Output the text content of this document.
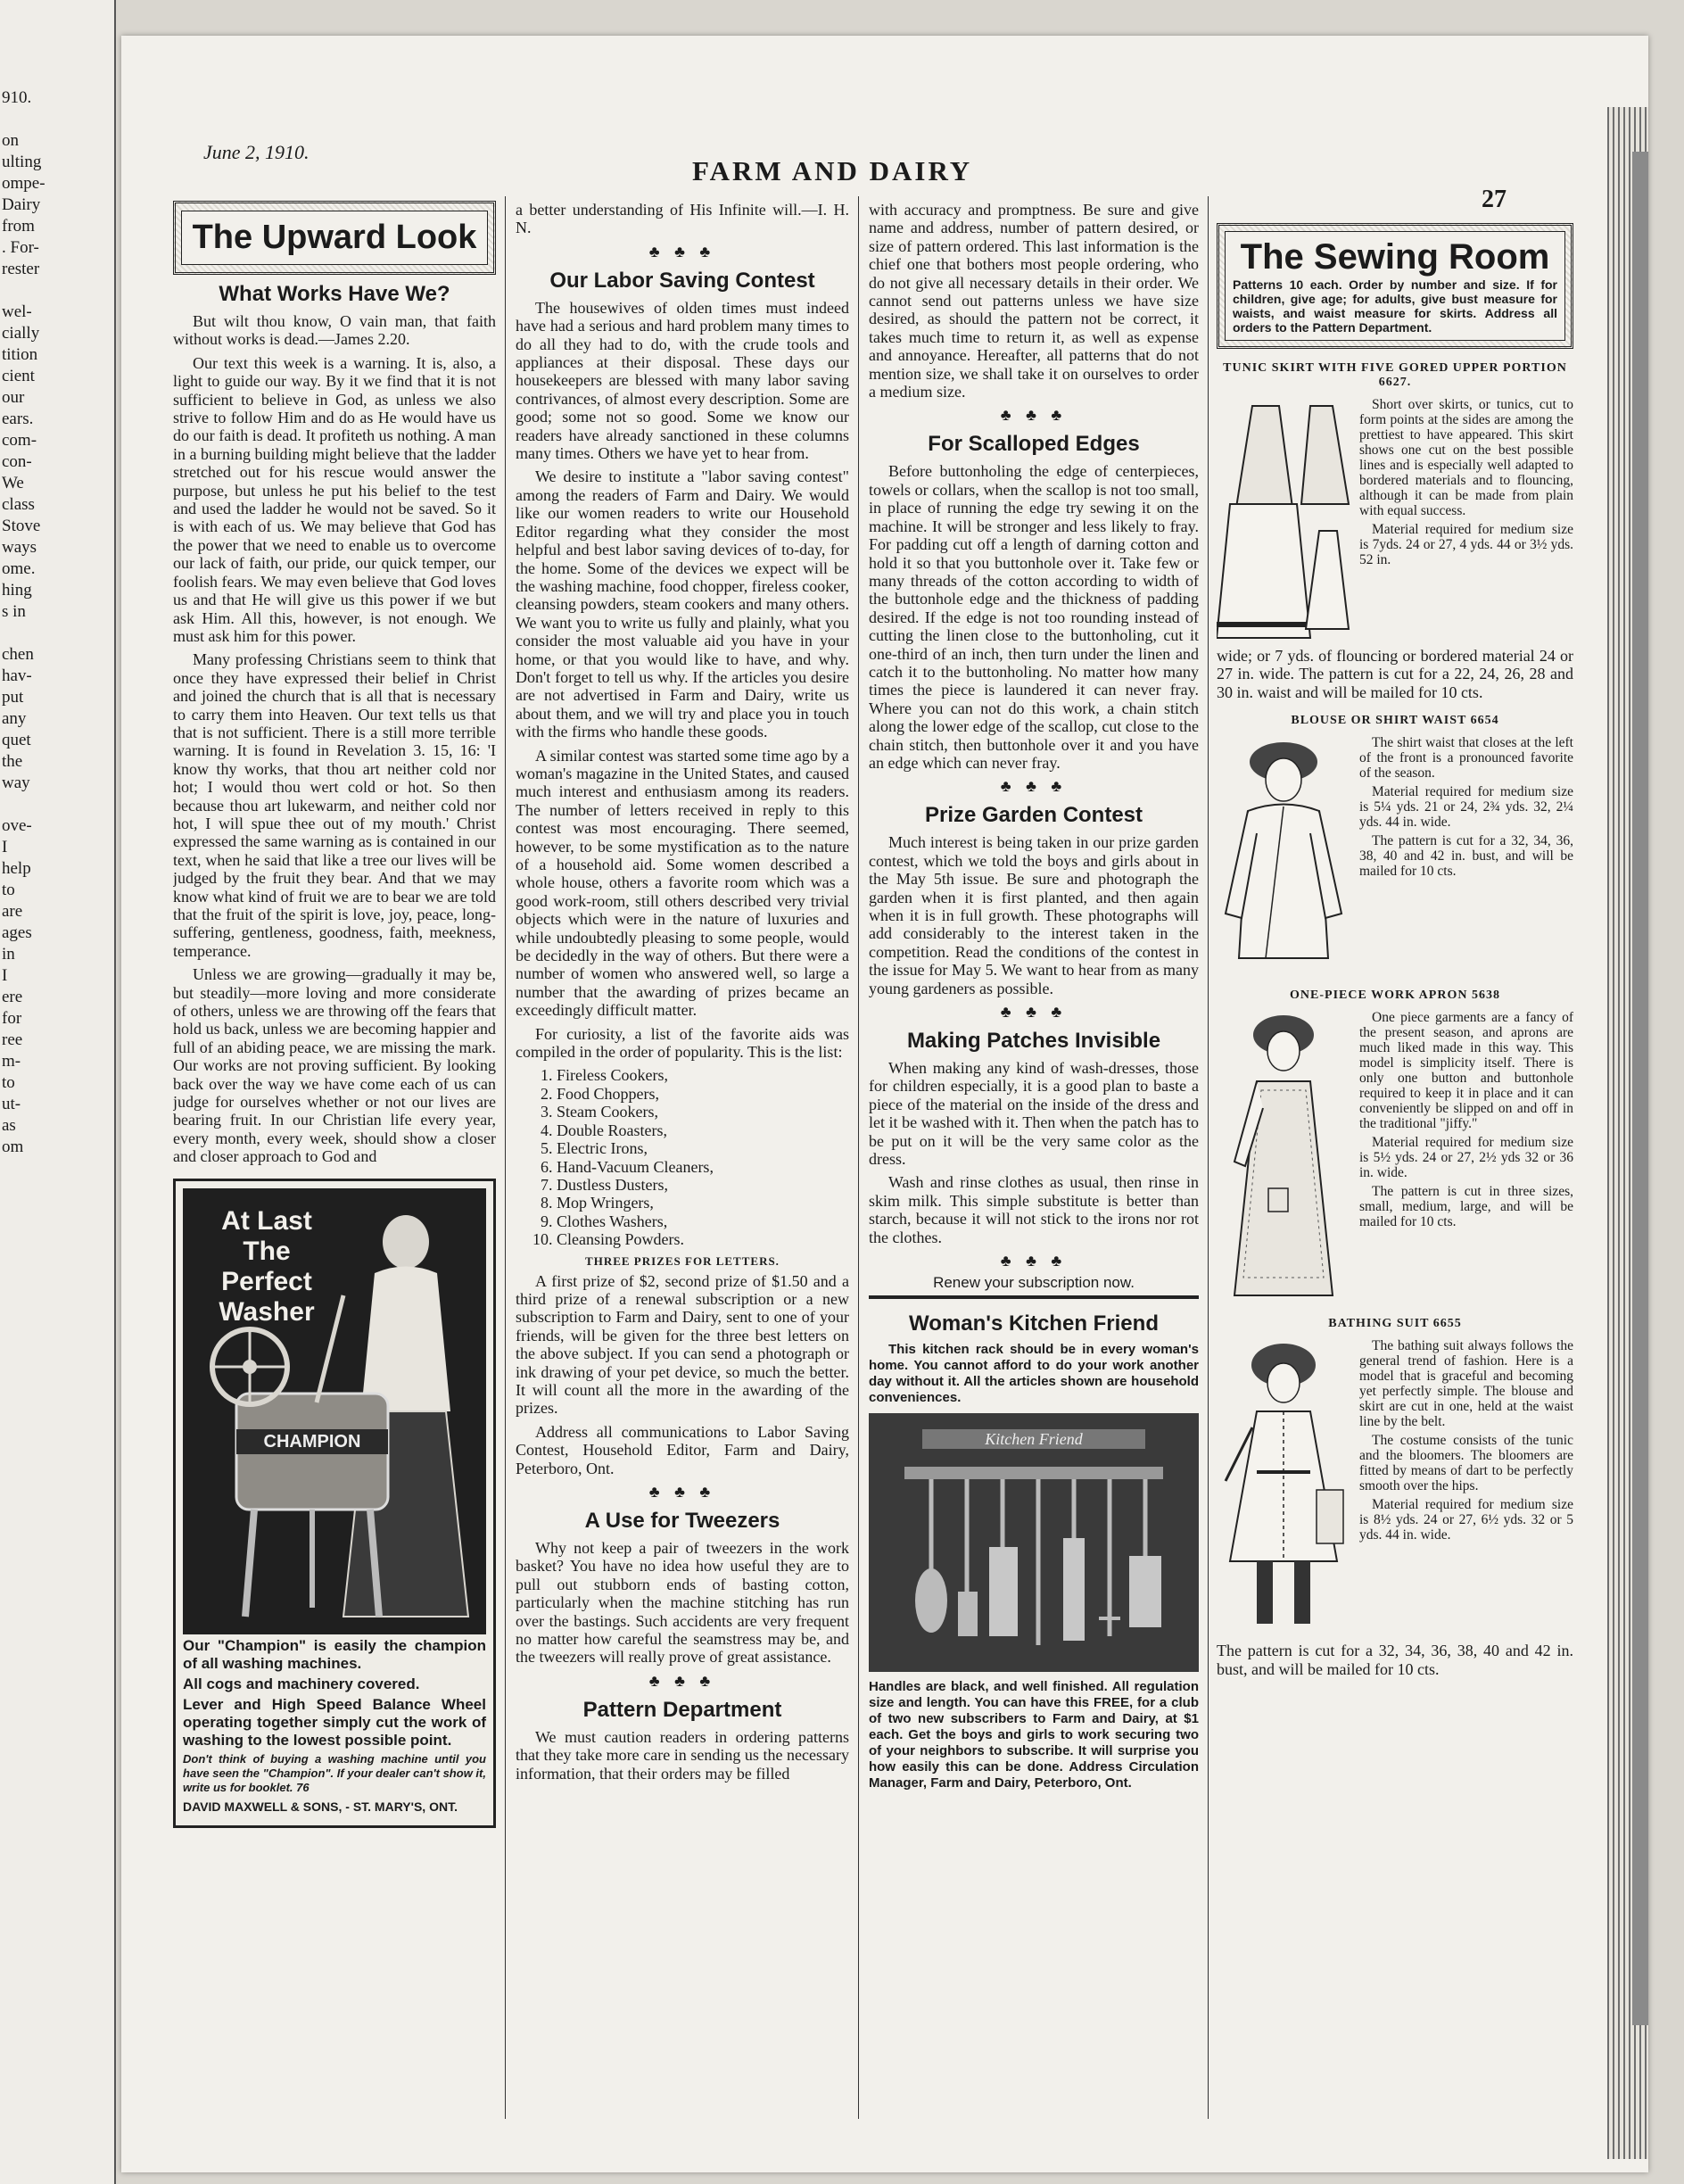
910.

on
ulting
ompe-
Dairy
from
. For-
rester

wel-
cially
tition
cient
our
ears.
com-
con-
We
class
Stove
ways
ome.
hing
s in

chen
hav-
put
any
quet
the
way

ove-
I
help
to
are
ages
in
I
ere
for
ree
m-
to
ut-
as
om
June 2, 1910.
FARM AND DAIRY
27
The Upward Look
What Works Have We?

But wilt thou know, O vain man, that faith without works is dead.—James 2.20.

Our text this week is a warning. It is, also, a light to guide our way. By it we find that it is not sufficient to believe in God, as unless we also strive to follow Him and do as He would have us do our faith is dead. It profiteth us nothing. A man in a burning building might believe that the ladder stretched out for his rescue would answer the purpose, but unless he put his belief to the test and used the ladder he would not be saved. So it is with each of us. We may believe that God has the power that we need to enable us to overcome our lack of faith, our pride, our quick temper, our foolish fears. We may even believe that God loves us and that He will give us this power if we but ask Him. All this, however, is not enough. We must ask him for this power.

Many professing Christians seem to think that once they have expressed their belief in Christ and joined the church that is all that is necessary to carry them into Heaven. Our text tells us that that is not sufficient. There is a still more terrible warning. It is found in Revelation 3. 15, 16: 'I know thy works, that thou art neither cold nor hot; I would thou wert cold or hot. So then because thou art lukewarm, and neither cold nor hot, I will spue thee out of my mouth.' Christ expressed the same warning as is contained in our text, when he said that like a tree our lives will be judged by the fruit they bear. And that we may know what kind of fruit we are to bear we are told that the fruit of the spirit is love, joy, peace, long-suffering, gentleness, goodness, faith, meekness, temperance.

Unless we are growing—gradually it may be, but steadily—more loving and more considerate of others, unless we are throwing off the fears that hold us back, unless we are becoming happier and full of an abiding peace, we are missing the mark. Our works are not proving sufficient. By looking back over the way we have come each of us can judge for ourselves whether or not our lives are bearing fruit. In our Christian life every year, every month, every week, should show a closer and closer approach to God and

At Last The Perfect Washer
CHAMPION

Our "Champion" is easily the champion of all washing machines.

All cogs and machinery covered.

Lever and High Speed Balance Wheel operating together simply cut the work of washing to the lowest possible point.

Don't think of buying a washing machine until you have seen the "Champion". If your dealer can't show it, write us for booklet. 76

DAVID MAXWELL & SONS, - ST. MARY'S, ONT.

a better understanding of His Infinite will.—I. H. N.

♣ ♣ ♣
Our Labor Saving Contest

The housewives of olden times must indeed have had a serious and hard problem many times to do all they had to do, with the crude tools and appliances at their disposal. These days our housekeepers are blessed with many labor saving contrivances, of almost every description. Some are good; some not so good. Some we know our readers have already sanctioned in these columns many times. Others we have yet to hear from.

We desire to institute a "labor saving contest" among the readers of Farm and Dairy. We would like our women readers to write our Household Editor regarding what they consider the most helpful and best labor saving devices of to-day, for the home. Some of the devices we expect will be the washing machine, food chopper, fireless cooker, cleansing powders, steam cookers and many others. We want you to write us fully and plainly, what you consider the most valuable aid you have in your home, or that you would like to have, and why. Don't forget to tell us why. If the articles you desire are not advertised in Farm and Dairy, write us about them, and we will try and place you in touch with the firms who handle these goods.

A similar contest was started some time ago by a woman's magazine in the United States, and caused much interest and enthusiasm among its readers. The number of letters received in reply to this contest was most encouraging. There seemed, however, to be some mystification as to the nature of a household aid. Some women described a whole house, others a favorite room which was a good work-room, still others described very trivial objects which were in the nature of luxuries and while undoubtedly pleasing to some people, would be decidedly in the way of others. But there were a number of women who answered well, so large a number that the awarding of prizes became an exceedingly difficult matter.

For curiosity, a list of the favorite aids was compiled in the order of popularity. This is the list:

1. Fireless Cookers,
2. Food Choppers,
3. Steam Cookers,
4. Double Roasters,
5. Electric Irons,
6. Hand-Vacuum Cleaners,
7. Dustless Dusters,
8. Mop Wringers,
9. Clothes Washers,
10. Cleansing Powders.
THREE PRIZES FOR LETTERS.

A first prize of $2, second prize of $1.50 and a third prize of a renewal subscription or a new subscription to Farm and Dairy, sent to one of your friends, will be given for the three best letters on the above subject. If you can send a photograph or ink drawing of your pet device, so much the better. It will count all the more in the awarding of the prizes.

Address all communications to Labor Saving Contest, Household Editor, Farm and Dairy, Peterboro, Ont.

♣ ♣ ♣
A Use for Tweezers

Why not keep a pair of tweezers in the work basket? You have no idea how useful they are to pull out stubborn ends of basting cotton, particularly when the machine stitching has run over the bastings. Such accidents are very frequent no matter how careful the seamstress may be, and the tweezers will really prove of great assistance.

♣ ♣ ♣
Pattern Department

We must caution readers in ordering patterns that they take more care in sending us the necessary information, that their orders may be filled

with accuracy and promptness. Be sure and give name and address, number of pattern desired, or size of pattern ordered. This last information is the chief one that bothers most people ordering, who do not give all necessary details in their order. We cannot send out patterns unless we have size desired, as should the pattern not be correct, it takes much time to return it, as well as expense and annoyance. Hereafter, all patterns that do not mention size, we shall take it on ourselves to order a medium size.

♣ ♣ ♣
For Scalloped Edges

Before buttonholing the edge of centerpieces, towels or collars, when the scallop is not too small, in place of running the edge try sewing it on the machine. It will be stronger and less likely to fray. For padding cut off a length of darning cotton and hold it so that you buttonhole over it. Take few or many threads of the cotton according to width of the buttonhole edge and the thickness of padding desired. If the edge is not too rounding instead of cutting the linen close to the buttonholing, cut it one-third of an inch, then turn under the linen and catch it to the buttonholing. No matter how many times the piece is laundered it can never fray. Where you can not do this work, a chain stitch along the lower edge of the scallop, cut close to the chain stitch, then buttonhole over it and you have an edge which can never fray.

♣ ♣ ♣
Prize Garden Contest

Much interest is being taken in our prize garden contest, which we told the boys and girls about in the May 5th issue. Be sure and photograph the garden when it is first planted, and then again when it is in full growth. These photographs will add considerably to the interest taken in the competition. Read the conditions of the contest in the issue for May 5. We want to hear from as many young gardeners as possible.

♣ ♣ ♣
Making Patches Invisible

When making any kind of wash-dresses, those for children especially, it is a good plan to baste a piece of the material on the inside of the dress and let it be washed with it. Then when the patch has to be put on it will be the very same color as the dress.

Wash and rinse clothes as usual, then rinse in skim milk. This simple substitute is better than starch, because it will not stick to the irons nor rot the clothes.

♣ ♣ ♣
Renew your subscription now.
Woman's Kitchen Friend

This kitchen rack should be in every woman's home. You cannot afford to do your work another day without it. All the articles shown are household conveniences.

Kitchen Friend

Handles are black, and well finished. All regulation size and length. You can have this FREE, for a club of two new subscribers to Farm and Dairy, at $1 each. Get the boys and girls to work securing two of your neighbors to subscribe. It will surprise you how easily this can be done. Address Circulation Manager, Farm and Dairy, Peterboro, Ont.

The Sewing Room
Patterns 10 each. Order by number and size. If for children, give age; for adults, give bust measure for waists, and waist measure for skirts. Address all orders to the Pattern Department.
TUNIC SKIRT WITH FIVE GORED UPPER PORTION 6627.

Short over skirts, or tunics, cut to form points at the sides are among the prettiest to have appeared. This skirt shows one cut on the best possible lines and is especially well adapted to bordered materials and to flouncing, although it can be made from plain with equal success.

Material required for medium size is 7yds. 24 or 27, 4 yds. 44 or 3½ yds. 52 in.

wide; or 7 yds. of flouncing or bordered material 24 or 27 in. wide. The pattern is cut for a 22, 24, 26, 28 and 30 in. waist and will be mailed for 10 cts.

BLOUSE OR SHIRT WAIST 6654

The shirt waist that closes at the left of the front is a pronounced favorite of the season.

Material required for medium size is 5¼ yds. 21 or 24, 2¾ yds. 32, 2¼ yds. 44 in. wide.

The pattern is cut for a 32, 34, 36, 38, 40 and 42 in. bust, and will be mailed for 10 cts.

ONE-PIECE WORK APRON 5638

One piece garments are a fancy of the present season, and aprons are much liked made in this way. This model is simplicity itself. There is only one button and buttonhole required to keep it in place and it can conveniently be slipped on and off in the traditional "jiffy."

Material required for medium size is 5½ yds. 24 or 27, 2½ yds 32 or 36 in. wide.

The pattern is cut in three sizes, small, medium, large, and will be mailed for 10 cts.

BATHING SUIT 6655

The bathing suit always follows the general trend of fashion. Here is a model that is graceful and becoming yet perfectly simple. The blouse and skirt are cut in one, held at the waist line by the belt.

The costume consists of the tunic and the bloomers. The bloomers are fitted by means of dart to be perfectly smooth over the hips.

Material required for medium size is 8½ yds. 24 or 27, 6½ yds. 32 or 5 yds. 44 in. wide.

The pattern is cut for a 32, 34, 36, 38, 40 and 42 in. bust, and will be mailed for 10 cts.
